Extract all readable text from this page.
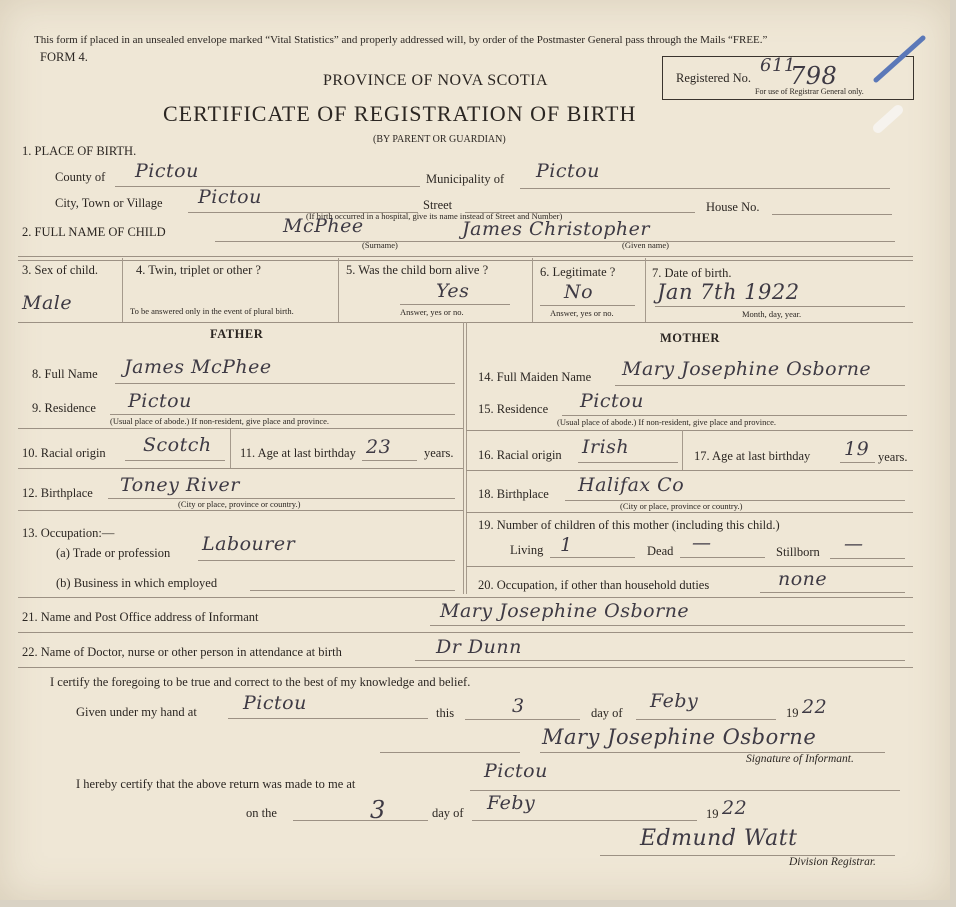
This form if placed in an unsealed envelope marked “Vital Statistics” and properly addressed will, by order of the Postmaster General pass through the Mails “FREE.”
FORM 4.
PROVINCE OF NOVA SCOTIA
CERTIFICATE OF REGISTRATION OF BIRTH
(BY PARENT OR GUARDIAN)
Registered No.
611
798
For use of Registrar General only.
1. PLACE OF BIRTH.
County of Pictou	Municipality of Pictou
City, Town or Village Pictou	Street	House No.
(If birth occurred in a hospital, give its name instead of Street and Number)
2. FULL NAME OF CHILD	McPhee	James Christopher
(Surname)	(Given name)
3. Sex of child.
Male
4. Twin, triplet or other ?
To be answered only in the event of plural birth.
5. Was the child born alive ?
Yes
Answer, yes or no.
6. Legitimate ?
No
Answer, yes or no.
7. Date of birth.
Jan 7th 1922
Month, day, year.
FATHER	MOTHER
8. Full Name James McPhee
9. Residence Pictou
(Usual place of abode.) If non-resident, give place and province.
10. Racial origin Scotch 11. Age at last birthday 23	years.
12. Birthplace Toney River
(City or place, province or country.)
13. Occupation:—
(a) Trade or profession Labourer
(b) Business in which employed
14. Full Maiden Name Mary Josephine Osborne
15. Residence Pictou
(Usual place of abode.) If non-resident, give place and province.
16. Racial origin Irish	17. Age at last birthday 19 years.
18. Birthplace Halifax Co
(City or place, province or country.)
19. Number of children of this mother (including this child.)
Living 1	Dead —	Stillborn —
20. Occupation, if other than household duties	none
21. Name and Post Office address of Informant	Mary Josephine Osborne
22. Name of Doctor, nurse or other person in attendance at birth	Dr Dunn
I certify the foregoing to be true and correct to the best of my knowledge and belief.
Given under my hand at Pictou	this	3	day of
Feby
19 22
Mary Josephine Osborne
Signature of Informant.
I hereby certify that the above return was made to me at
Pictou
on the	3	day of Feby	19 22
Edmund Watt
Division Registrar.
